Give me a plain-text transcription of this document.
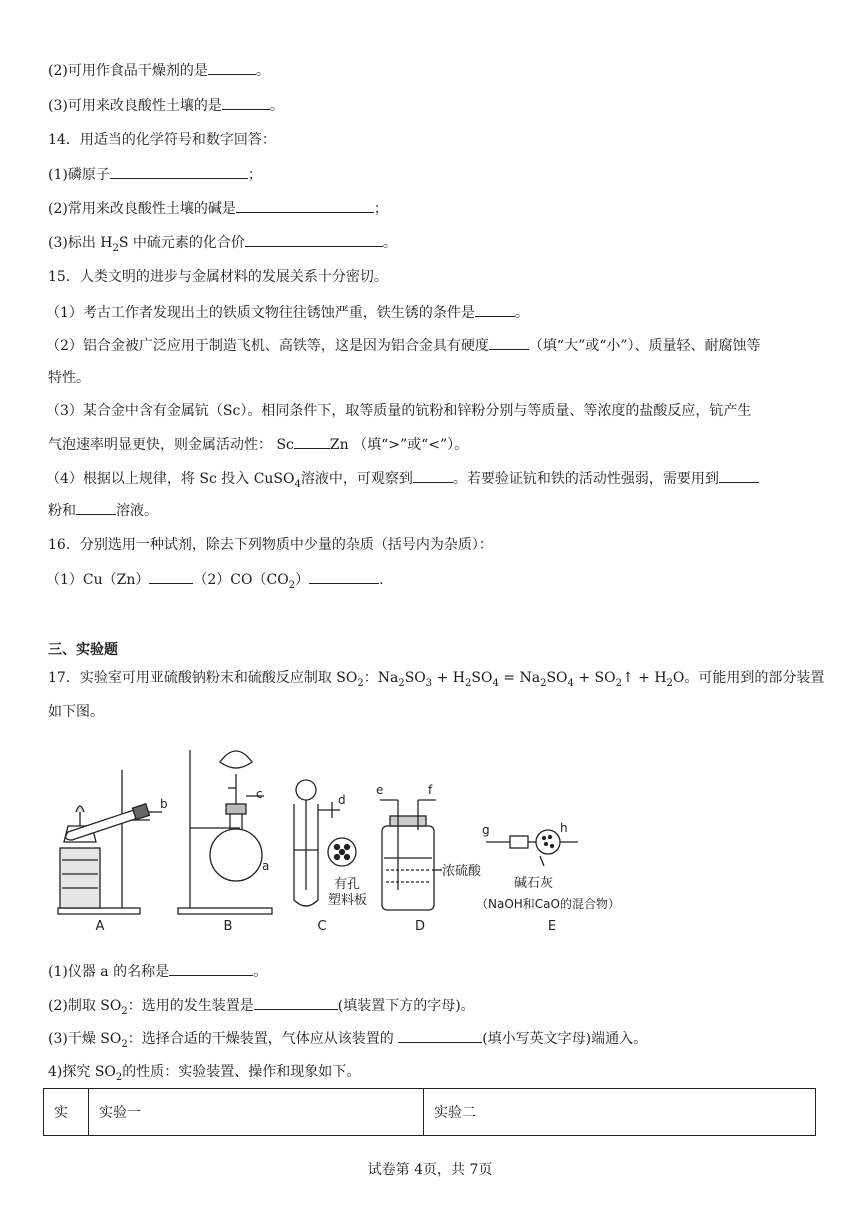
(2)可用作食品干燥剂的是	。
(3)可用来改良酸性土壤的是	。
14．用适当的化学符号和数字回答：
(1)磷原子	；
(2)常用来改良酸性土壤的碱是	；
(3)标出 $H_2S$ 中硫元素的化合价	。
15．人类文明的进步与金属材料的发展关系十分密切。
（1）考古工作者发现出土的铁质文物往往锈蚀严重，铁生锈的条件是	。
（2）铝合金被广泛应用于制造飞机、高铁等，这是因为铝合金具有硬度	（填“大”或“小”）、质量轻、耐腐蚀等
特性。
（3）某合金中含有金属钪（Sc）。相同条件下，取等质量的钪粉和锌粉分别与等质量、等浓度的盐酸反应，钪产生
气泡速率明显更快，则金属活动性： Sc	Zn （填“>”或“<”）。
（4）根据以上规律，将 Sc 投入 CuSO$_4$溶液中，可观察到	。若要验证钪和铁的活动性强弱，需要用到
粉和	溶液。
16．分别选用一种试剂，除去下列物质中少量的杂质（括号内为杂质）：
（1）Cu（Zn）	$(2)CO(CO_2)$	.
三、实验题
17．实验室可用亚硫酸钠粉末和硫酸反应制取 $SO_2$：$Na_2SO_3 + H_2SO_4 = Na_2SO_4$ + $SO_2↑ + H_2O$。可能用到的部分装置
如下图。
A	B	C	D	E
a
b
c	d
e	f
g	h
有孔
塑料板
浓硫酸
碱石灰
（NaOH和CaO的混合物）
(1)仪器 a 的名称是	。
(2)制取 $SO_2$：选用的发生装置是	(填装置下方的字母)。
(3)干燥 $SO_2$：选择合适的干燥装置，气体应从该装置的	(填小写英文字母)端通入。
4)探究 $SO_2$的性质：实验装置、操作和现象如下。
实	实验一	实验二
试卷第 4页，共 7页
